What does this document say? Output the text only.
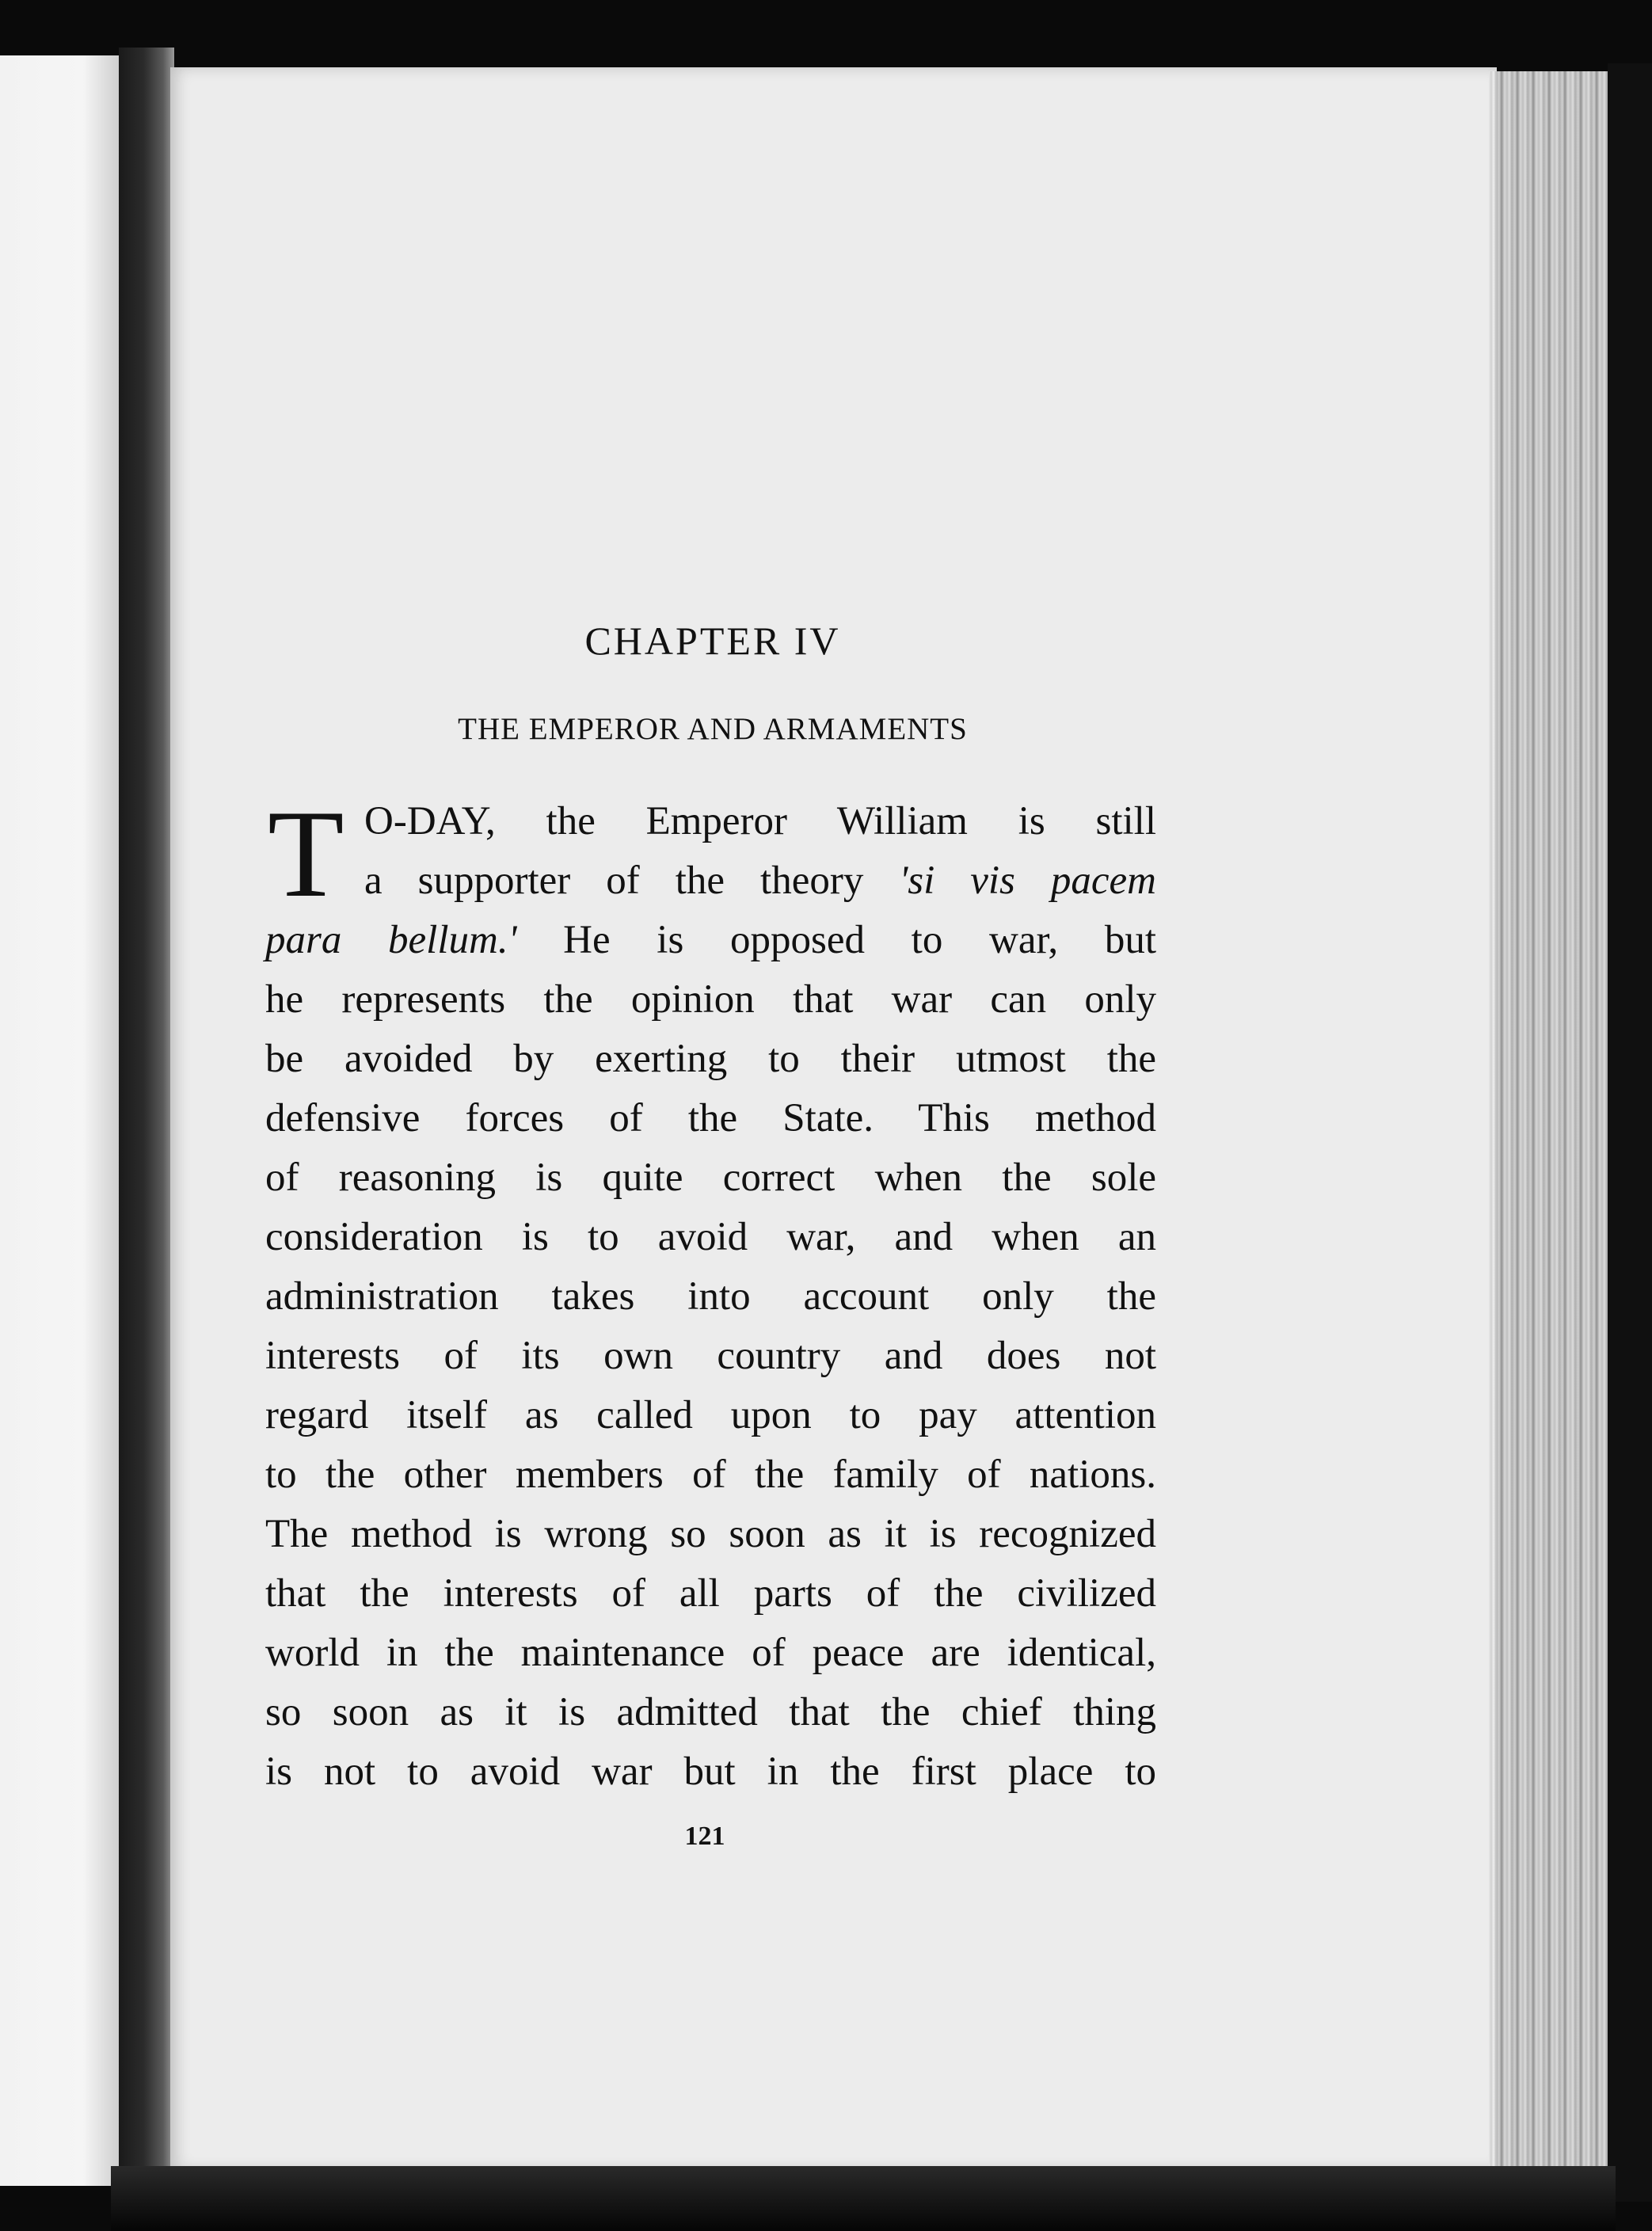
CHAPTER IV
THE EMPEROR AND ARMAMENTS
T O-DAY, the Emperor William is still
a supporter of the theory 'si vis pacem
para bellum.' He is opposed to war, but
he represents the opinion that war can only
be avoided by exerting to their utmost the
defensive forces of the State. This method
of reasoning is quite correct when the sole
consideration is to avoid war, and when an
administration takes into account only the
interests of its own country and does not
regard itself as called upon to pay attention
to the other members of the family of nations.
The method is wrong so soon as it is recognized
that the interests of all parts of the civilized
world in the maintenance of peace are identical,
so soon as it is admitted that the chief thing
is not to avoid war but in the first place to
121
